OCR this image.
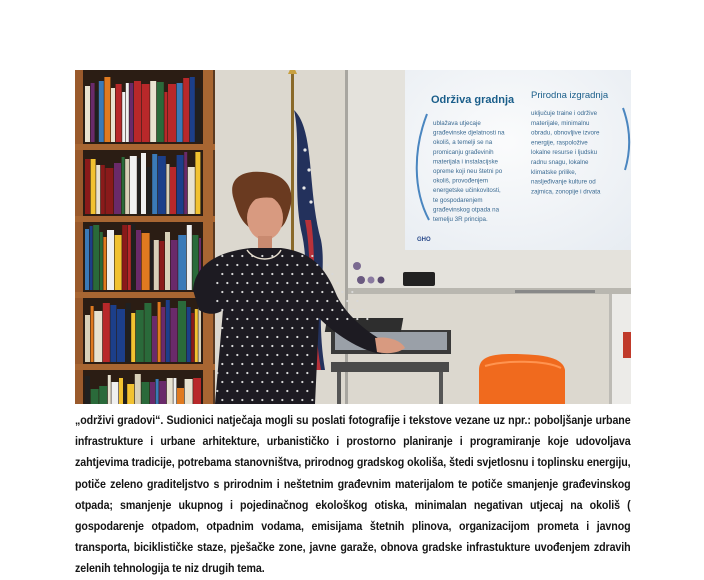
Održiva gradnja Prirodna izgradnja
ublažava utjecaje
građevinske djelatnosti na
okoliš, a temelji se na
promicanju građevinih
materijala i instalacijske
opreme koji neu štetni po
okoliš, provođenjem
energetske učinkovitosti,
te gospodarenjem
građevinskog otpada na
temelju 3R principa.
uključuje traine i održive
materijale, minimalnu
obradu, obnovljive izvore
energije, raspoložive
lokalne resurse i ljudsku
radnu snagu, lokalne
klimatske prilike,
nasljeđivanje kulture od
zajmica, zonopije i drvata
GHO
„održivi gradovi“. Sudionici natječaja mogli su poslati fotografije i tekstove vezane uz npr.: poboljšanje urbane infrastrukture i urbane arhitekture, urbanističko i prostorno planiranje i programiranje koje udovoljava zahtjevima tradicije, potrebama stanovništva, prirodnog gradskog okoliša, štedi svjetlosnu i toplinsku energiju, potiče zeleno graditeljstvo s prirodnim i neštetnim građevnim materijalom te potiče smanjenje građevinskog otpada; smanjenje ukupnog i pojedinačnog ekološkog otiska, minimalan negativan utjecaj na okoliš ( gospodarenje otpadom, otpadnim vodama, emisijama štetnih plinova, organizacijom prometa i javnog transporta, biciklističke staze, pješačke zone, javne garaže, obnova gradske infrastukture uvođenjem zdravih zelenih tehnologija te niz drugih tema.
